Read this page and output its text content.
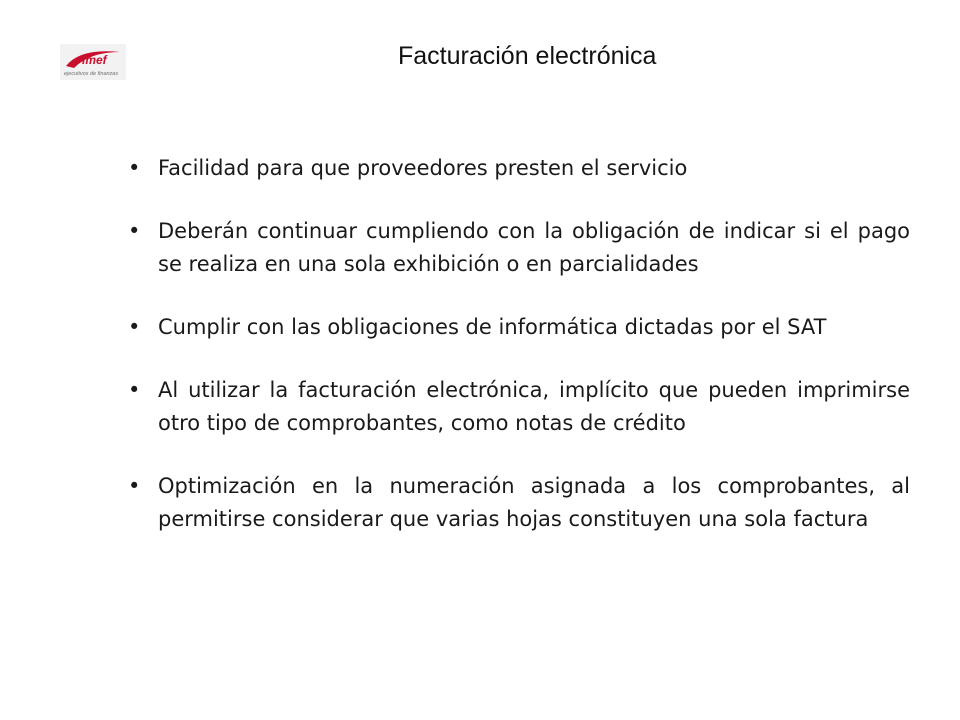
imef
ejecutivos de finanzas
Facturación electrónica
• Facilidad para que proveedores presten el servicio
• Deberán continuar cumpliendo con la obligación de indicar si el pago se realiza en una sola exhibición o en parcialidades
• Cumplir con las obligaciones de informática dictadas por el SAT
• Al utilizar la facturación electrónica, implícito que pueden imprimirse otro tipo de comprobantes, como notas de crédito
• Optimización en la numeración asignada a los comprobantes, al permitirse considerar que varias hojas constituyen una sola factura
